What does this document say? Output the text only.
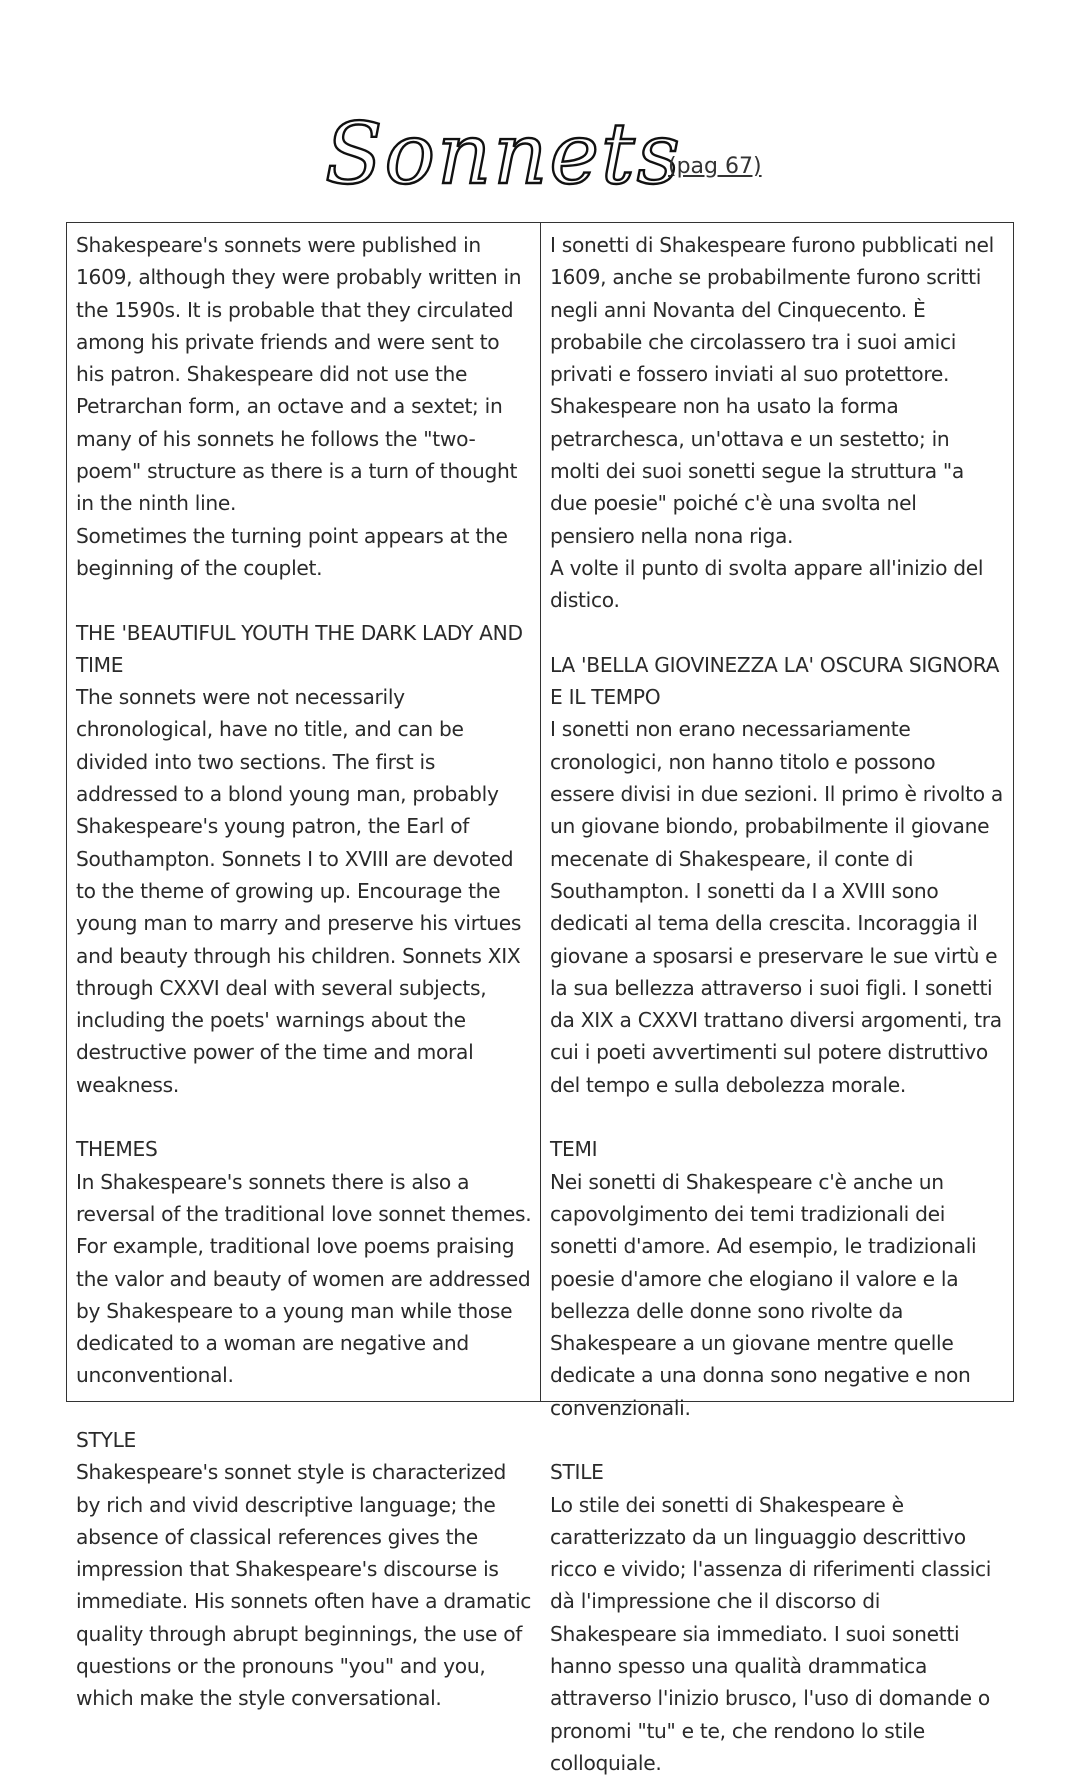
Sonnets
(pag 67)

Shakespeare's sonnets were published in 1609, although they were probably written in the 1590s. It is probable that they circulated among his private friends and were sent to his patron. Shakespeare did not use the Petrarchan form, an octave and a sextet; in many of his sonnets he follows the "two-poem" structure as there is a turn of thought in the ninth line.

Sometimes the turning point appears at the beginning of the couplet.

THE 'BEAUTIFUL YOUTH THE DARK LADY AND TIME

The sonnets were not necessarily chronological, have no title, and can be divided into two sections. The first is addressed to a blond young man, probably Shakespeare's young patron, the Earl of Southampton. Sonnets I to XVIII are devoted to the theme of growing up. Encourage the young man to marry and preserve his virtues and beauty through his children. Sonnets XIX through CXXVI deal with several subjects, including the poets' warnings about the destructive power of the time and moral weakness.

THEMES

In Shakespeare's sonnets there is also a reversal of the traditional love sonnet themes. For example, traditional love poems praising the valor and beauty of women are addressed by Shakespeare to a young man while those dedicated to a woman are negative and unconventional.

STYLE

Shakespeare's sonnet style is characterized by rich and vivid descriptive language; the absence of classical references gives the impression that Shakespeare's discourse is immediate. His sonnets often have a dramatic quality through abrupt beginnings, the use of questions or the pronouns "you" and you, which make the style conversational.

I sonetti di Shakespeare furono pubblicati nel 1609, anche se probabilmente furono scritti negli anni Novanta del Cinquecento. È probabile che circolassero tra i suoi amici privati e fossero inviati al suo protettore. Shakespeare non ha usato la forma petrarchesca, un'ottava e un sestetto; in molti dei suoi sonetti segue la struttura "a due poesie" poiché c'è una svolta nel pensiero nella nona riga.

A volte il punto di svolta appare all'inizio del distico.

LA 'BELLA GIOVINEZZA LA' OSCURA SIGNORA E IL TEMPO

I sonetti non erano necessariamente cronologici, non hanno titolo e possono essere divisi in due sezioni. Il primo è rivolto a un giovane biondo, probabilmente il giovane mecenate di Shakespeare, il conte di Southampton. I sonetti da I a XVIII sono dedicati al tema della crescita. Incoraggia il giovane a sposarsi e preservare le sue virtù e la sua bellezza attraverso i suoi figli. I sonetti da XIX a CXXVI trattano diversi argomenti, tra cui i poeti avvertimenti sul potere distruttivo del tempo e sulla debolezza morale.

TEMI

Nei sonetti di Shakespeare c'è anche un capovolgimento dei temi tradizionali dei sonetti d'amore. Ad esempio, le tradizionali poesie d'amore che elogiano il valore e la bellezza delle donne sono rivolte da Shakespeare a un giovane mentre quelle dedicate a una donna sono negative e non convenzionali.

STILE

Lo stile dei sonetti di Shakespeare è caratterizzato da un linguaggio descrittivo ricco e vivido; l'assenza di riferimenti classici dà l'impressione che il discorso di Shakespeare sia immediato. I suoi sonetti hanno spesso una qualità drammatica attraverso l'inizio brusco, l'uso di domande o pronomi "tu" e te, che rendono lo stile colloquiale.
